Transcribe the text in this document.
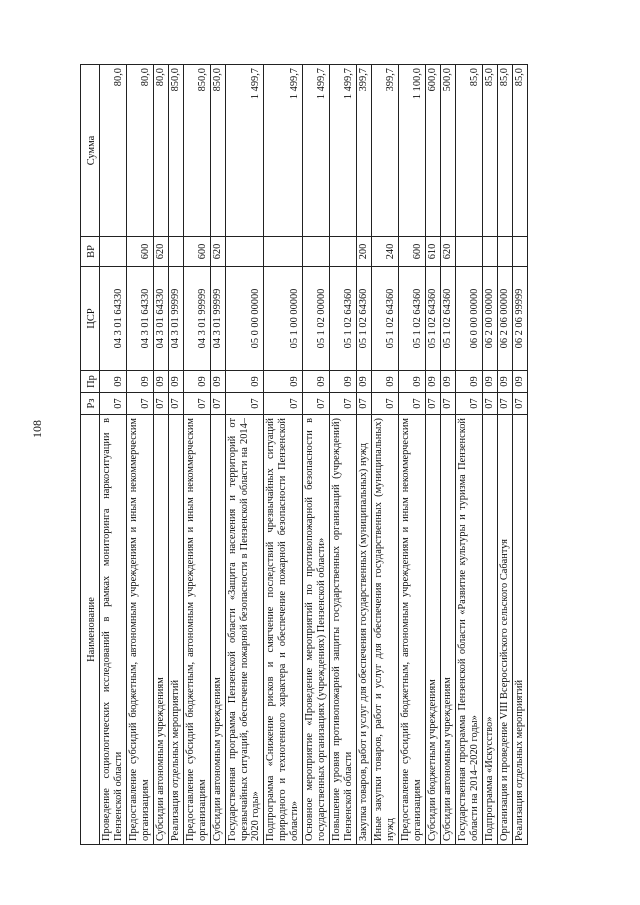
108
Наименование	Рз	Пр	ЦСР	ВР	Сумма
Проведение социологических исследований в рамках мониторинга наркоситуации в Пензенской области	07	09	04 3 01 64330		80,0
Предоставление субсидий бюджетным, автономным учреждениям и иным некоммерческим организациям	07	09	04 3 01 64330	600	80,0
Субсидии автономным учреждениям	07	09	04 3 01 64330	620	80,0
Реализация отдельных мероприятий	07	09	04 3 01 99999		850,0
Предоставление субсидий бюджетным, автономным учреждениям и иным некоммерческим организациям	07	09	04 3 01 99999	600	850,0
Субсидии автономным учреждениям	07	09	04 3 01 99999	620	850,0
Государственная программа Пензенской области «Защита населения и территорий от чрезвычайных ситуаций, обеспечение пожарной безопасности в Пензенской области на 2014–2020 годы»	07	09	05 0 00 00000		1 499,7
Подпрограмма «Снижение рисков и смягчение последствий чрезвычайных ситуаций природного и техногенного характера и обеспечение пожарной безопасности Пензенской области»	07	09	05 1 00 00000		1 499,7
Основное мероприятие «Проведение мероприятий по противопожарной безопасности в государственных организациях (учреждениях) Пензенской области»	07	09	05 1 02 00000		1 499,7
Повышение уровня противопожарной защиты государственных организаций (учреждений) Пензенской области	07	09	05 1 02 64360		1 499,7
Закупка товаров, работ и услуг для обеспечения государственных (муниципальных) нужд	07	09	05 1 02 64360	200	399,7
Иные закупки товаров, работ и услуг для обеспечения государственных (муниципальных) нужд	07	09	05 1 02 64360	240	399,7
Предоставление субсидий бюджетным, автономным учреждениям и иным некоммерческим организациям	07	09	05 1 02 64360	600	1 100,0
Субсидии бюджетным учреждениям	07	09	05 1 02 64360	610	600,0
Субсидии автономным учреждениям	07	09	05 1 02 64360	620	500,0
Государственная программа Пензенской области «Развитие культуры и туризма Пензенской области на 2014–2020 годы»	07	09	06 0 00 00000		85,0
Подпрограмма «Искусство»	07	09	06 2 00 00000		85,0
Организация и проведение VIII Всероссийского сельского Сабантуя	07	09	06 2 06 00000		85,0
Реализация отдельных мероприятий	07	09	06 2 06 99999		85,0
